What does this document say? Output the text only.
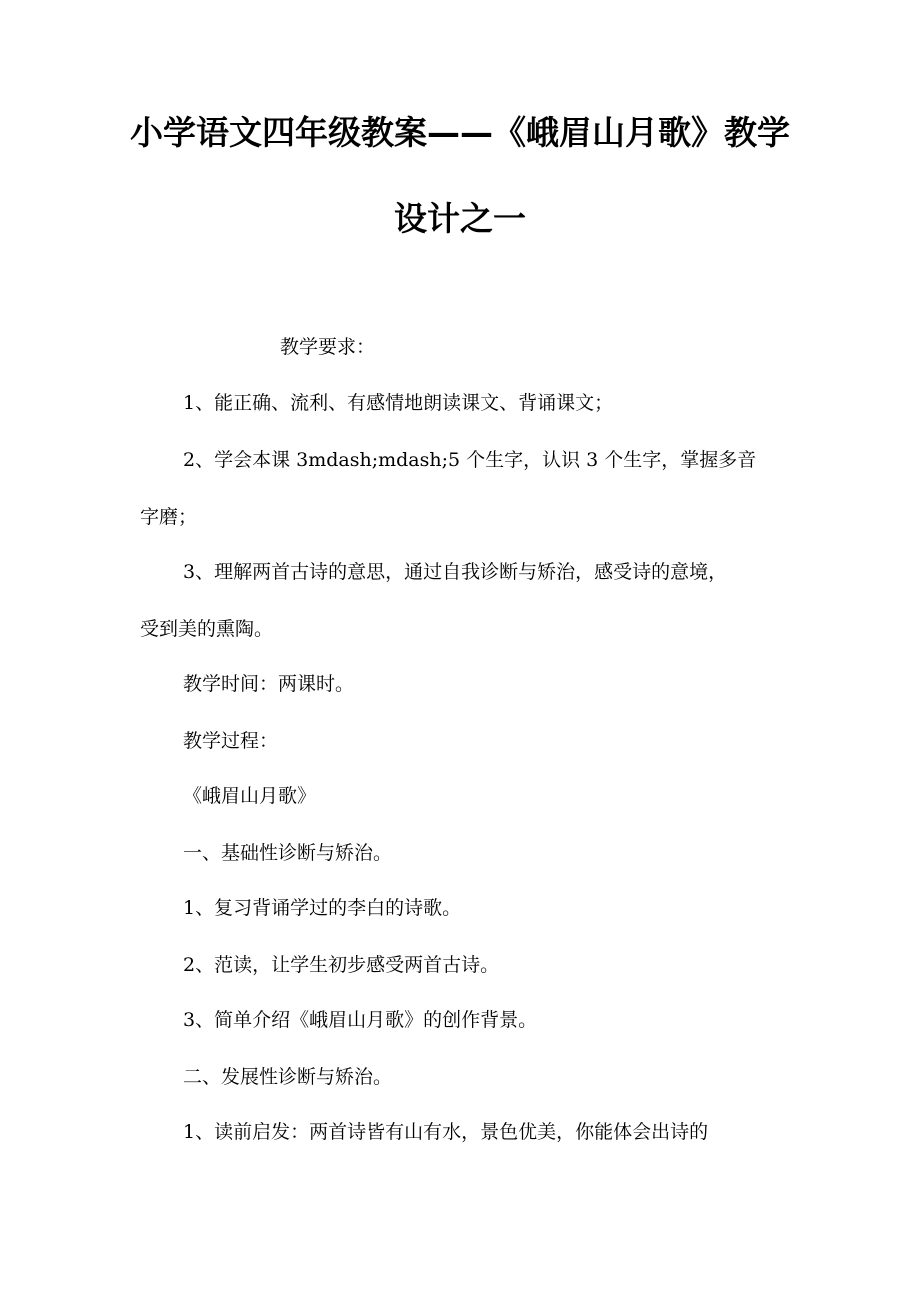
小学语文四年级教案——《峨眉山月歌》教学
设计之一

教学要求：

1、能正确、流利、有感情地朗读课文、背诵课文；

2、学会本课 3mdash;mdash;5 个生字，认识 3 个生字，掌握多音

字磨；

3、理解两首古诗的意思，通过自我诊断与矫治，感受诗的意境，

受到美的熏陶。

教学时间：两课时。

教学过程：

《峨眉山月歌》

一、基础性诊断与矫治。

1、复习背诵学过的李白的诗歌。

2、范读，让学生初步感受两首古诗。

3、简单介绍《峨眉山月歌》的创作背景。

二、发展性诊断与矫治。

1、读前启发：两首诗皆有山有水，景色优美，你能体会出诗的
